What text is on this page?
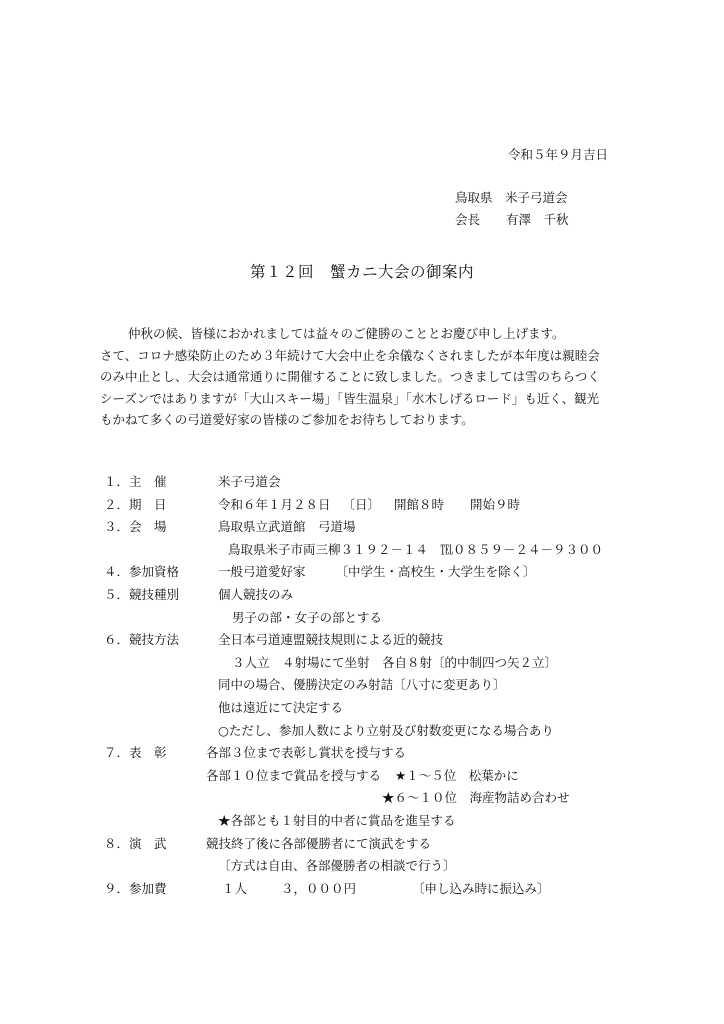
令和５年９月吉日
鳥取県　米子弓道会
会長 有澤　千秋
第１２回　蟹カニ大会の御案内
仲秋の候、皆様におかれましては益々のご健勝のこととお慶び申し上げます。
さて、コロナ感染防止のため３年続けて大会中止を余儀なくされましたが本年度は親睦会
のみ中止とし、大会は通常通りに開催することに致しました。つきましては雪のちらつく
シーズンではありますが「大山スキー場」「皆生温泉」「水木しげるロード」も近く、観光
もかねて多くの弓道愛好家の皆様のご参加をお待ちしております。
１．主　催	米子弓道会
２．期　日	令和６年１月２８日 〔日〕 開館８時 開始９時
３．会　場	鳥取県立武道館　弓道場
鳥取県米子市両三柳３１９２－１４　℡０８５９－２４－９３００
４．参加資格	一般弓道愛好家 〔中学生・高校生・大学生を除く〕
５．競技種別	個人競技のみ
男子の部・女子の部とする
６．競技方法	全日本弓道連盟競技規則による近的競技
３人立　４射場にて坐射　各自８射〔的中制四つ矢２立〕
同中の場合、優勝決定のみ射詰〔八寸に変更あり〕
他は遠近にて決定する
○ただし、参加人数により立射及び射数変更になる場合あり
７．表　彰	各部３位まで表彰し賞状を授与する
各部１０位まで賞品を授与する ★１～５位　松葉かに
★６～１０位　海産物詰め合わせ
★各部とも１射目的中者に賞品を進呈する
８．演　武	競技終了後に各部優勝者にて演武をする
〔方式は自由、各部優勝者の相談で行う〕
９．参加費	１人	３，０００円	〔申し込み時に振込み〕
